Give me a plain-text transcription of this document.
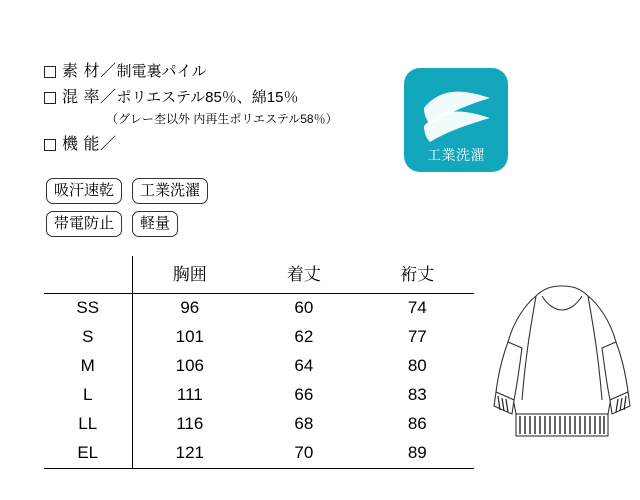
素 材／ 制電裏パイル
混 率／ ポリエステル85％、綿15％
（グレー杢以外 内再生ポリエステル58％）
機 能／
吸汗速乾	工業洗濯
帯電防止	軽量
工業洗濯
	胸囲	着丈	裄丈
SS	96	60	74
S	101	62	77
M	106	64	80
L	111	66	83
LL	116	68	86
EL	121	70	89
